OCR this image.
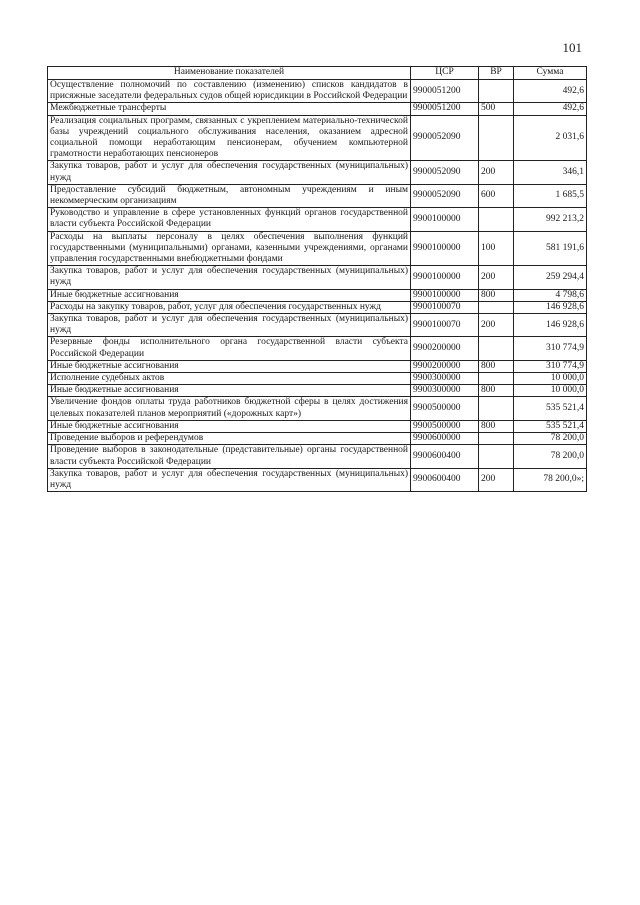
101
Наименование показателей	ЦСР	ВР	Сумма
Осуществление полномочий по составлению (изменению) списков кандидатов в присяжные заседатели федеральных судов общей юрисдикции в Российской Федерации	9900051200		492,6
Межбюджетные трансферты	9900051200	500	492,6
Реализация социальных программ, связанных с укреплением материально-технической базы учреждений социального обслуживания населения, оказанием адресной социальной помощи неработающим пенсионерам, обучением компьютерной грамотности неработающих пенсионеров	9900052090		2 031,6
Закупка товаров, работ и услуг для обеспечения государственных (муниципальных) нужд	9900052090	200	346,1
Предоставление субсидий бюджетным, автономным учреждениям и иным некоммерческим организациям	9900052090	600	1 685,5
Руководство и управление в сфере установленных функций органов государственной власти субъекта Российской Федерации	9900100000		992 213,2
Расходы на выплаты персоналу в целях обеспечения выполнения функций государственными (муниципальными) органами, казенными учреждениями, органами управления государственными внебюджетными фондами	9900100000	100	581 191,6
Закупка товаров, работ и услуг для обеспечения государственных (муниципальных) нужд	9900100000	200	259 294,4
Иные бюджетные ассигнования	9900100000	800	4 798,6
Расходы на закупку товаров, работ, услуг для обеспечения государственных нужд	9900100070		146 928,6
Закупка товаров, работ и услуг для обеспечения государственных (муниципальных) нужд	9900100070	200	146 928,6
Резервные фонды исполнительного органа государственной власти субъекта Российской Федерации	9900200000		310 774,9
Иные бюджетные ассигнования	9900200000	800	310 774,9
Исполнение судебных актов	9900300000		10 000,0
Иные бюджетные ассигнования	9900300000	800	10 000,0
Увеличение фондов оплаты труда работников бюджетной сферы в целях достижения целевых показателей планов мероприятий («дорожных карт»)	9900500000		535 521,4
Иные бюджетные ассигнования	9900500000	800	535 521,4
Проведение выборов и референдумов	9900600000		78 200,0
Проведение выборов в законодательные (представительные) органы государственной власти субъекта Российской Федерации	9900600400		78 200,0
Закупка товаров, работ и услуг для обеспечения государственных (муниципальных) нужд	9900600400	200	78 200,0»;
